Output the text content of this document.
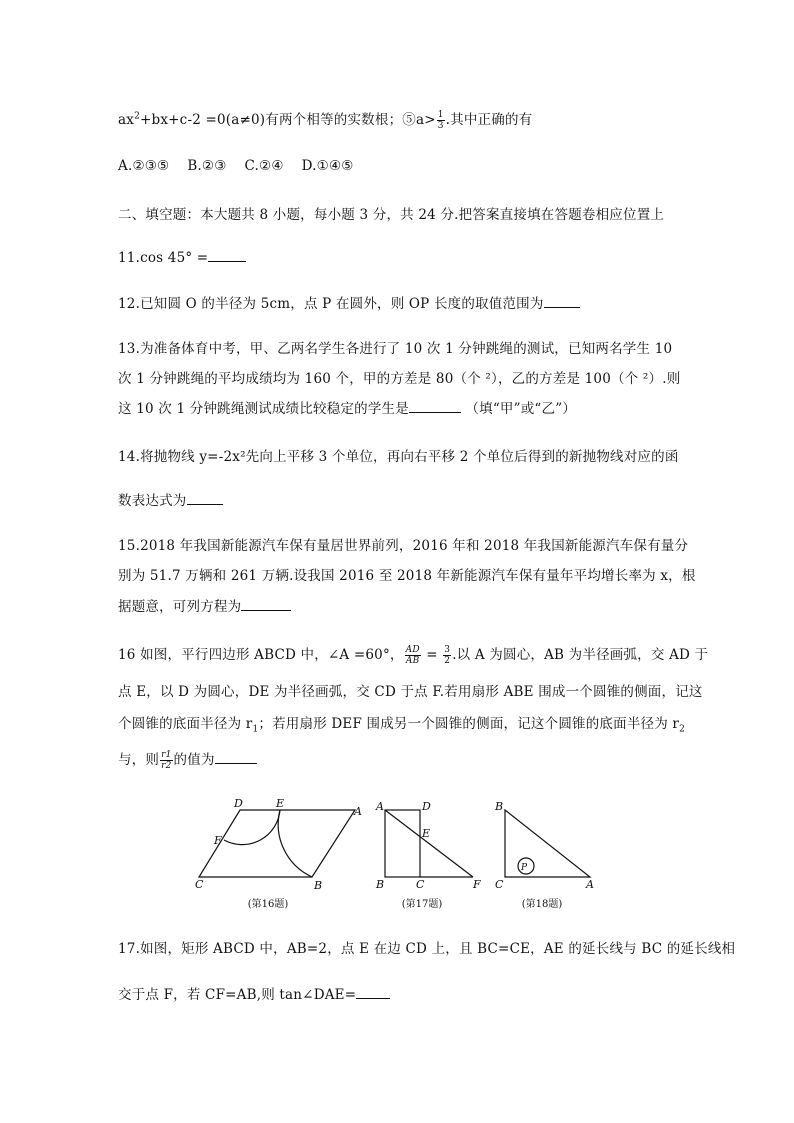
$ax^2+bx+c-2 =0(a\ne 0)$有两个相等的实数根；⑤a> $\frac{1}{3}$ .其中正确的有
A.②③⑤    B.②③    C.②④    D.①④⑤
二、填空题：本大题共 8 小题，每小题 3 分，共 24 分.把答案直接填在答题卷相应位置上
11.cos 45° =
12.已知圆 O 的半径为 5cm，点 P 在圆外，则 OP 长度的取值范围为
13.为准备体育中考，甲、乙两名学生各进行了 10 次 1 分钟跳绳的测试，已知两名学生 10
次 1 分钟跳绳的平均成绩均为 160 个，甲的方差是 80（个 ²），乙的方差是 100（个 ²）.则
这 10 次 1 分钟跳绳测试成绩比较稳定的学生是	（填“甲”或“乙”）
14.将抛物线 y=-2x²先向上平移 3 个单位，再向右平移 2 个单位后得到的新抛物线对应的函
数表达式为
15.2018 年我国新能源汽车保有量居世界前列，2016 年和 2018 年我国新能源汽车保有量分
别为 51.7 万辆和 261 万辆.设我国 2016 至 2018 年新能源汽车保有量年平均增长率为 x，根
据题意，可列方程为
16 如图，平行四边形 ABCD 中，∠A =60°， $\frac{AD}{AB} = \frac{3}{2}$ .以 A 为圆心，AB 为半径画弧，交 AD 于
点 E，以 D 为圆心，DE 为半径画弧，交 CD 于点 F.若用扇形 ABE 围成一个圆锥的侧面，记这
个圆锥的底面半径为 $r_1$；若用扇形 DEF 围成另一个圆锥的侧面，记这个圆锥的底面半径为 $r_2$
与，则 $\frac{r1}{r2}$ 的值为
D	E
A
F
C	B
A	D
E
B	C	F
B
P
C	A
(第16题)	(第17题)	(第18题)
17.如图，矩形 ABCD 中，AB=2，点 E 在边 CD 上，且 BC=CE，AE 的延长线与 BC 的延长线相
交于点 F，若 CF=AB,则 tan∠DAE=
